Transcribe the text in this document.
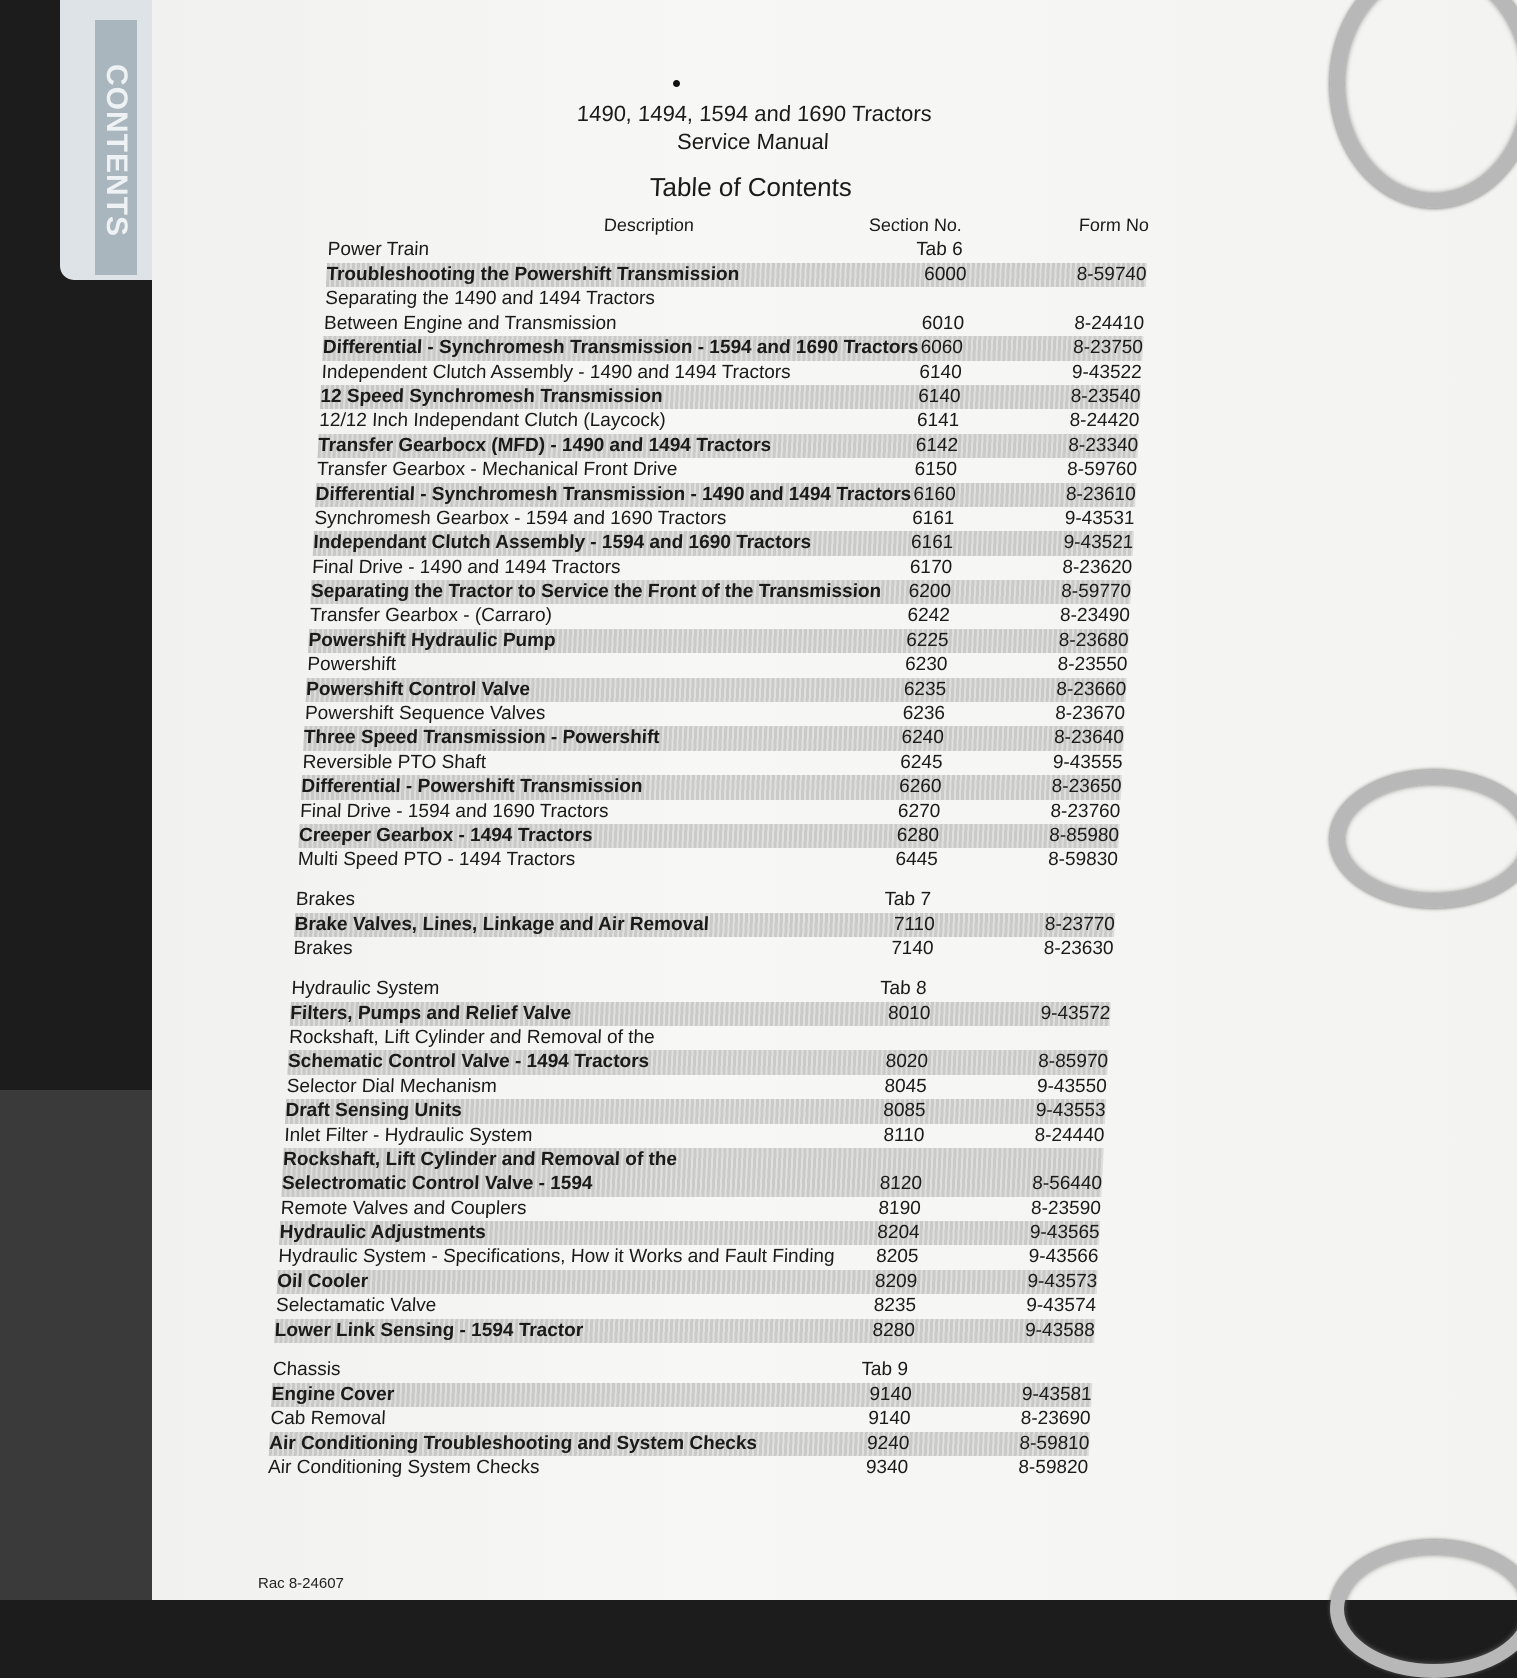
CONTENTS	1490, 1494, 1594 and 1690 Tractors
Service Manual
Table of Contents
Description	Section No.	Form No
Power Train	Tab 6
Troubleshooting the Powershift Transmission	6000	8-59740
Separating the 1490 and 1494 Tractors
Between Engine and Transmission	6010	8-24410
Differential - Synchromesh Transmission - 1594 and 1690 Tractors 6060	8-23750
Independent Clutch Assembly - 1490 and 1494 Tractors	6140	9-43522
12 Speed Synchromesh Transmission	6140	8-23540
12/12 Inch Independant Clutch (Laycock)	6141	8-24420
Transfer Gearbocx (MFD) - 1490 and 1494 Tractors	6142	8-23340
Transfer Gearbox - Mechanical Front Drive	6150	8-59760
Differential - Synchromesh Transmission - 1490 and 1494 Tractors 6160	8-23610
Synchromesh Gearbox - 1594 and 1690 Tractors	6161	9-43531
Independant Clutch Assembly - 1594 and 1690 Tractors	6161	9-43521
Final Drive - 1490 and 1494 Tractors	6170	8-23620
Separating the Tractor to Service the Front of the Transmission 6200	8-59770
Transfer Gearbox - (Carraro)	6242	8-23490
Powershift Hydraulic Pump	6225	8-23680
Powershift	6230	8-23550
Powershift Control Valve	6235	8-23660
Powershift Sequence Valves	6236	8-23670
Three Speed Transmission - Powershift	6240	8-23640
Reversible PTO Shaft	6245	9-43555
Differential - Powershift Transmission	6260	8-23650
Final Drive - 1594 and 1690 Tractors	6270	8-23760
Creeper Gearbox - 1494 Tractors	6280	8-85980
Multi Speed PTO - 1494 Tractors	6445	8-59830
Brakes	Tab 7
Brake Valves, Lines, Linkage and Air Removal	7110	8-23770
Brakes	7140	8-23630
Hydraulic System	Tab 8
Filters, Pumps and Relief Valve	8010	9-43572
Rockshaft, Lift Cylinder and Removal of the
Schematic Control Valve - 1494 Tractors	8020	8-85970
Selector Dial Mechanism	8045	9-43550
Draft Sensing Units	8085	9-43553
Inlet Filter - Hydraulic System	8110	8-24440
Rockshaft, Lift Cylinder and Removal of the
Selectromatic Control Valve - 1594	8120	8-56440
Remote Valves and Couplers	8190	8-23590
Hydraulic Adjustments	8204	9-43565
Hydraulic System - Specifications, How it Works and Fault Finding 8205	9-43566
Oil Cooler	8209	9-43573
Selectamatic Valve	8235	9-43574
Lower Link Sensing - 1594 Tractor	8280	9-43588
Chassis	Tab 9
Engine Cover	9140	9-43581
Cab Removal	9140	8-23690
Air Conditioning Troubleshooting and System Checks	9240	8-59810
Air Conditioning System Checks	9340	8-59820
Rac 8-24607
